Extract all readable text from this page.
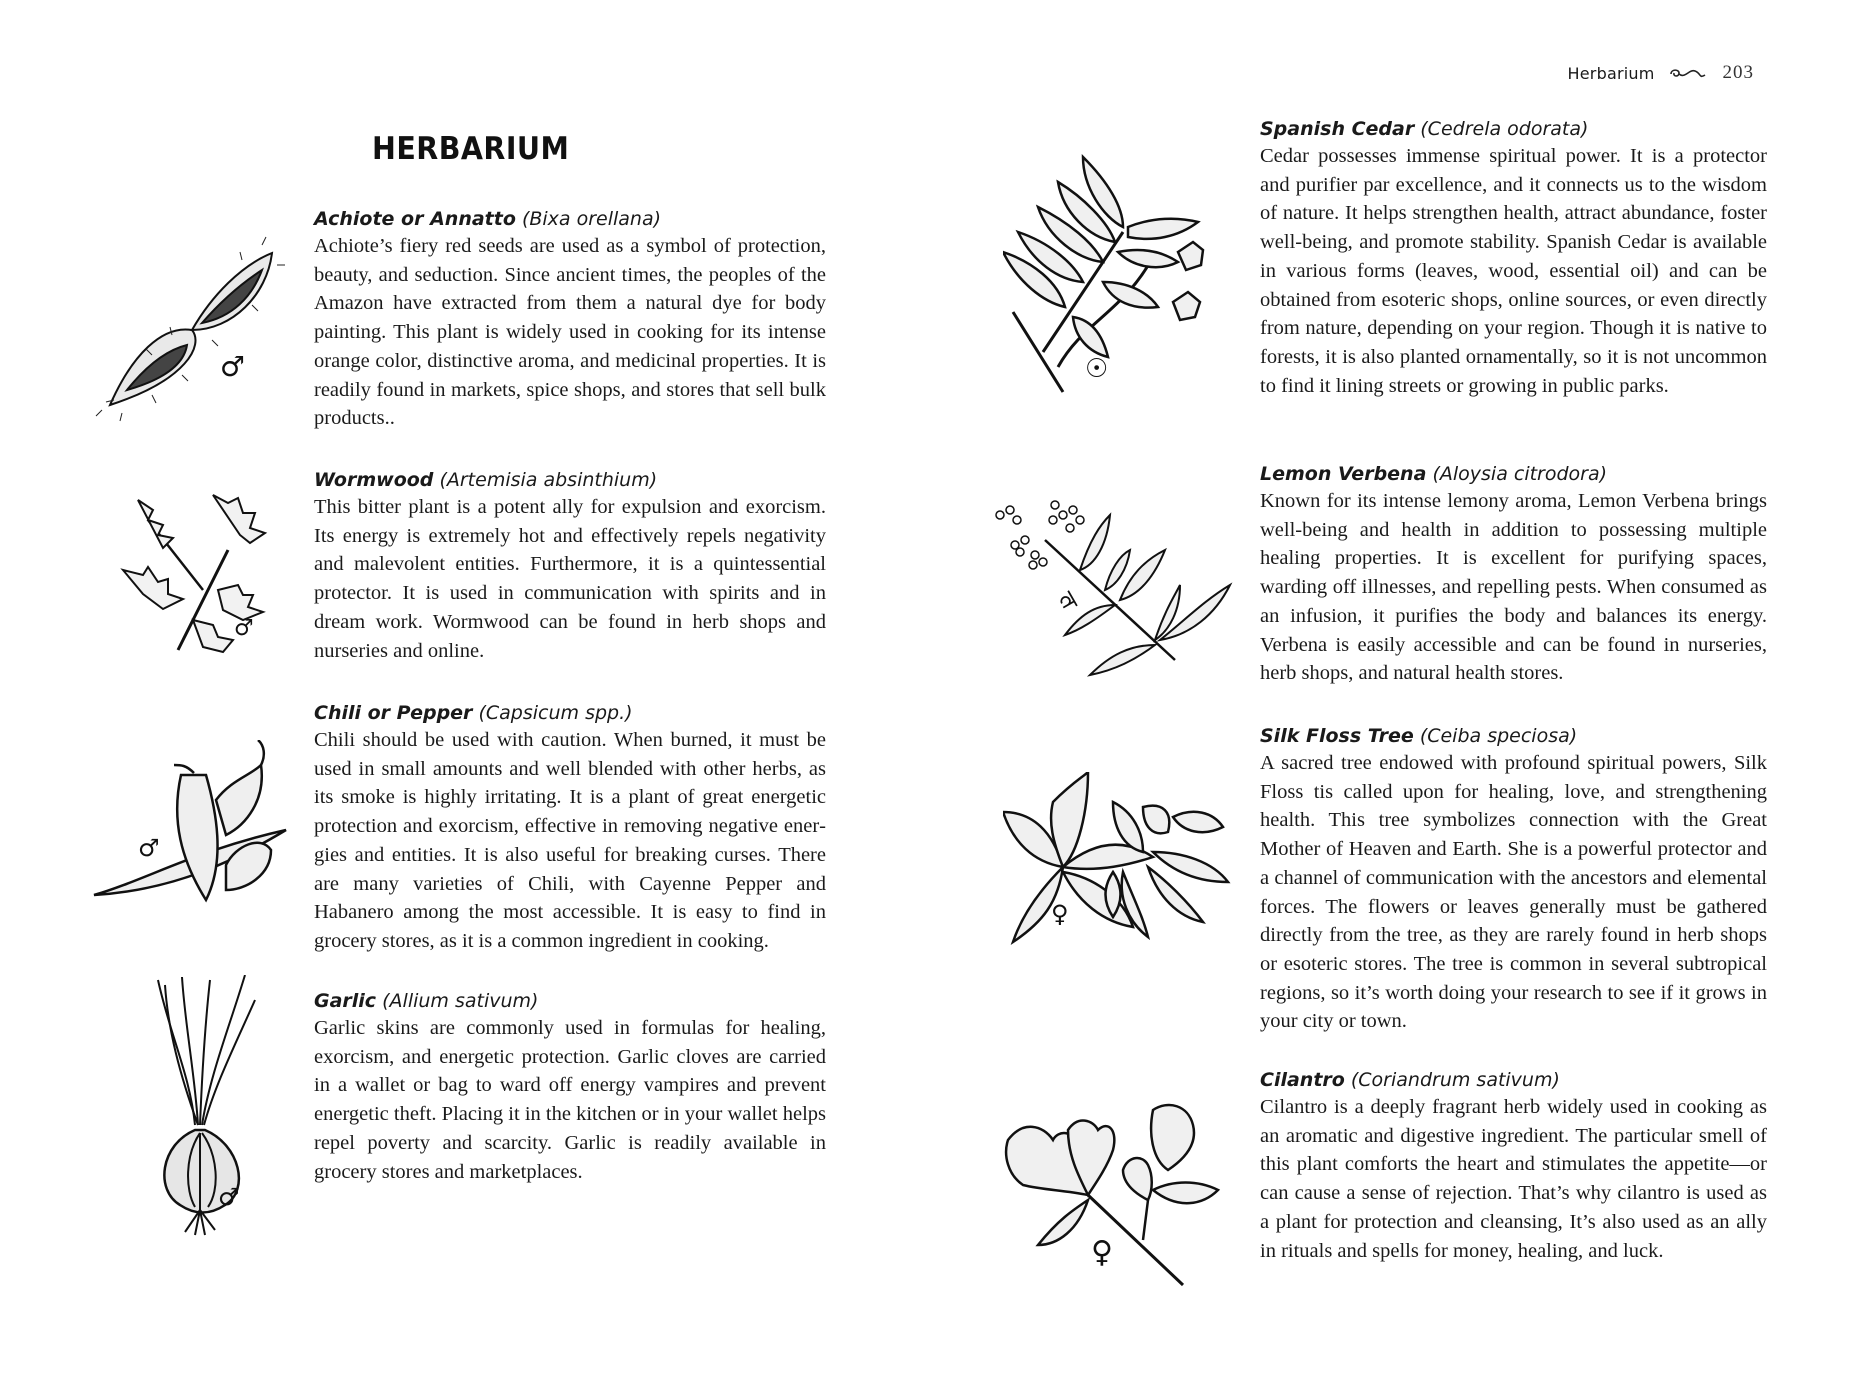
HERBARIUM
♂

Achiote or Annatto (Bixa orellana)

Achiote’s fiery red seeds are used as a symbol of protection, beauty, and seduction. Since ancient times, the peoples of the Amazon have extracted from them a natural dye for body painting. This plant is widely used in cooking for its intense orange color, distinctive aroma, and medicinal properties. It is readily found in markets, spice shops, and stores that sell bulk products..

♂

Wormwood (Artemisia absinthium)

This bitter plant is a potent ally for expulsion and exorcism. Its energy is extremely hot and effectively repels negativity and malevolent entities. Furthermore, it is a quintessential protector. It is used in communication with spirits and in dream work. Wormwood can be found in herb shops and nurseries and online.

♂

Chili or Pepper (Capsicum spp.)

Chili should be used with caution. When burned, it must be used in small amounts and well blended with other herbs, as its smoke is highly irritating. It is a plant of great energetic protection and exorcism, effective in removing negative energies and entities. It is also useful for breaking curses. There are many varieties of Chili, with Cayenne Pepper and Habanero among the most accessible. It is easy to find in grocery stores, as it is a common ingredient in cooking.

♂

Garlic (Allium sativum)

Garlic skins are commonly used in formulas for healing, exorcism, and energetic protection. Garlic cloves are carried in a wallet or bag to ward off energy vampires and prevent energetic theft. Placing it in the kitchen or in your wallet helps repel poverty and scarcity. Garlic is readily available in grocery stores and marketplaces.

Herbarium	203
☉

Spanish Cedar (Cedrela odorata)

Cedar possesses immense spiritual power. It is a protector and purifier par excellence, and it connects us to the wisdom of nature. It helps strengthen health, attract abundance, foster well-being, and promote stability. Spanish Cedar is available in various forms (leaves, wood, essential oil) and can be obtained from esoteric shops, online sources, or even directly from nature, depending on your region. Though it is native to forests, it is also planted ornamentally, so it is not uncommon to find it lining streets or growing in public parks.

♃

Lemon Verbena (Aloysia citrodora)

Known for its intense lemony aroma, Lemon Verbena brings well-being and health in addition to possessing multiple healing properties. It is excellent for purifying spaces, warding off illnesses, and repelling pests. When consumed as an infusion, it purifies the body and balances its energy. Verbena is easily accessible and can be found in nurseries, herb shops, and natural health stores.

♀

Silk Floss Tree (Ceiba speciosa)

A sacred tree endowed with profound spiritual powers, Silk Floss tis called upon for healing, love, and strengthening health. This tree symbolizes connection with the Great Mother of Heaven and Earth. She is a powerful protector and a channel of communication with the ancestors and elemental forces. The flowers or leaves generally must be gathered directly from the tree, as they are rarely found in herb shops or esoteric stores. The tree is common in several subtropical regions, so it’s worth doing your research to see if it grows in your city or town.

♀

Cilantro (Coriandrum sativum)

Cilantro is a deeply fragrant herb widely used in cooking as an aromatic and digestive ingredient. The particular smell of this plant comforts the heart and stimulates the appetite—or can cause a sense of rejection. That’s why cilantro is used as a plant for protection and cleansing, It’s also used as an ally in rituals and spells for money, healing, and luck.
